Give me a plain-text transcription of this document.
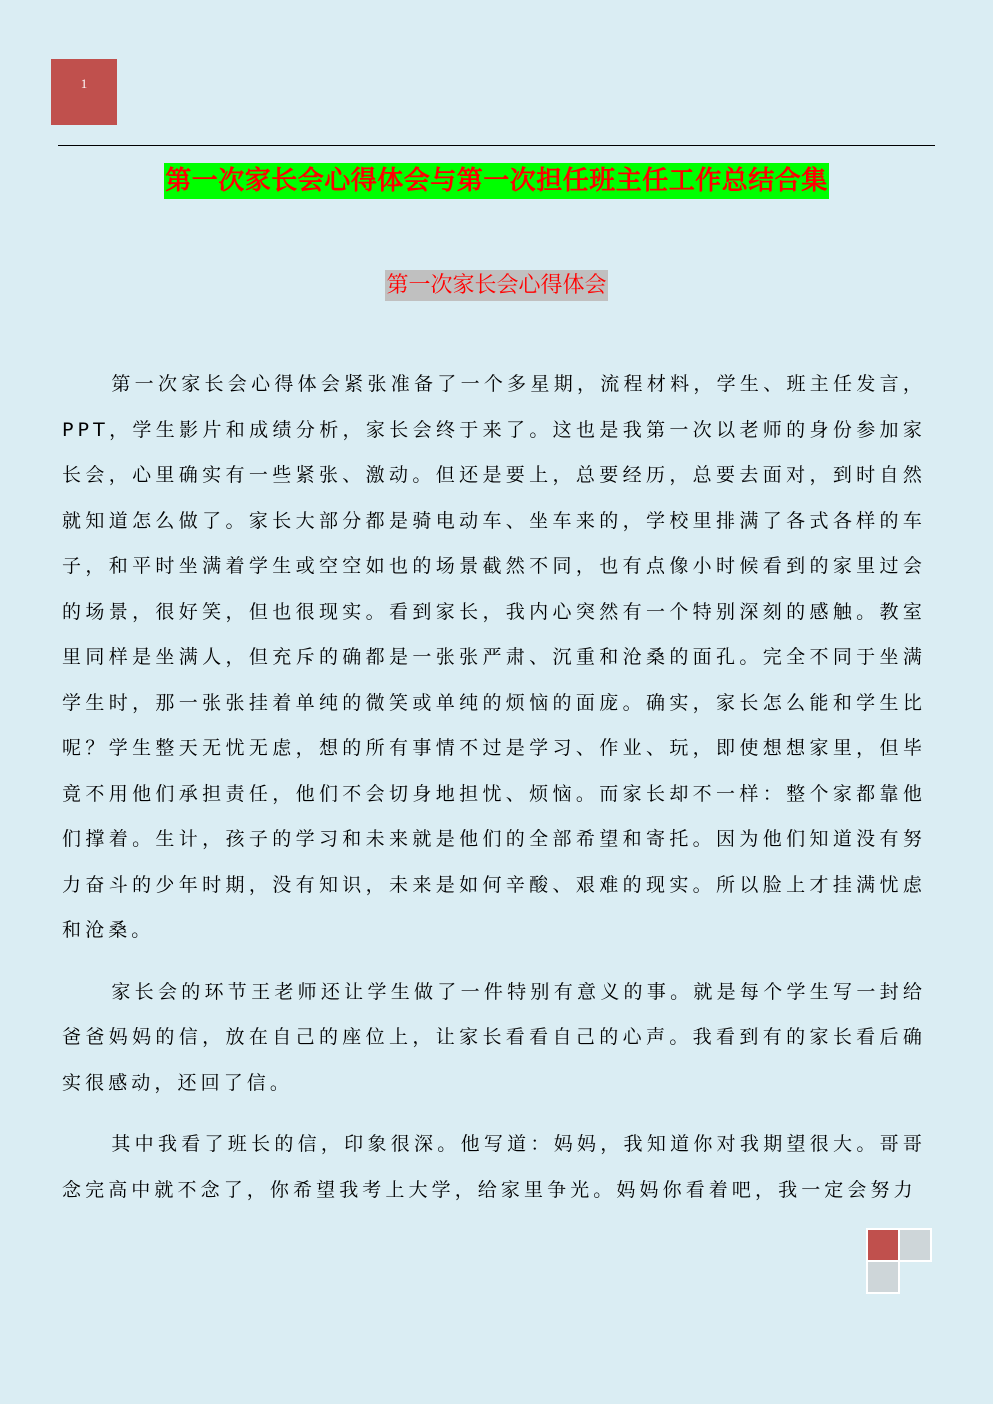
1
第一次家长会心得体会与第一次担任班主任工作总结合集
第一次家长会心得体会

第一次家长会心得体会紧张准备了一个多星期，流程材料，学生、班主任发言，PPT，学生影片和成绩分析，家长会终于来了。这也是我第一次以老师的身份参加家长会，心里确实有一些紧张、激动。但还是要上，总要经历，总要去面对，到时自然就知道怎么做了。家长大部分都是骑电动车、坐车来的，学校里排满了各式各样的车子，和平时坐满着学生或空空如也的场景截然不同，也有点像小时候看到的家里过会的场景，很好笑，但也很现实。看到家长，我内心突然有一个特别深刻的感触。教室里同样是坐满人，但充斥的确都是一张张严肃、沉重和沧桑的面孔。完全不同于坐满学生时，那一张张挂着单纯的微笑或单纯的烦恼的面庞。确实，家长怎么能和学生比呢？学生整天无忧无虑，想的所有事情不过是学习、作业、玩，即使想想家里，但毕竟不用他们承担责任，他们不会切身地担忧、烦恼。而家长却不一样：整个家都靠他们撑着。生计，孩子的学习和未来就是他们的全部希望和寄托。因为他们知道没有努力奋斗的少年时期，没有知识，未来是如何辛酸、艰难的现实。所以脸上才挂满忧虑和沧桑。

家长会的环节王老师还让学生做了一件特别有意义的事。就是每个学生写一封给爸爸妈妈的信，放在自己的座位上，让家长看看自己的心声。我看到有的家长看后确实很感动，还回了信。

其中我看了班长的信，印象很深。他写道：妈妈，我知道你对我期望很大。哥哥念完高中就不念了，你希望我考上大学，给家里争光。妈妈你看着吧，我一定会努力
